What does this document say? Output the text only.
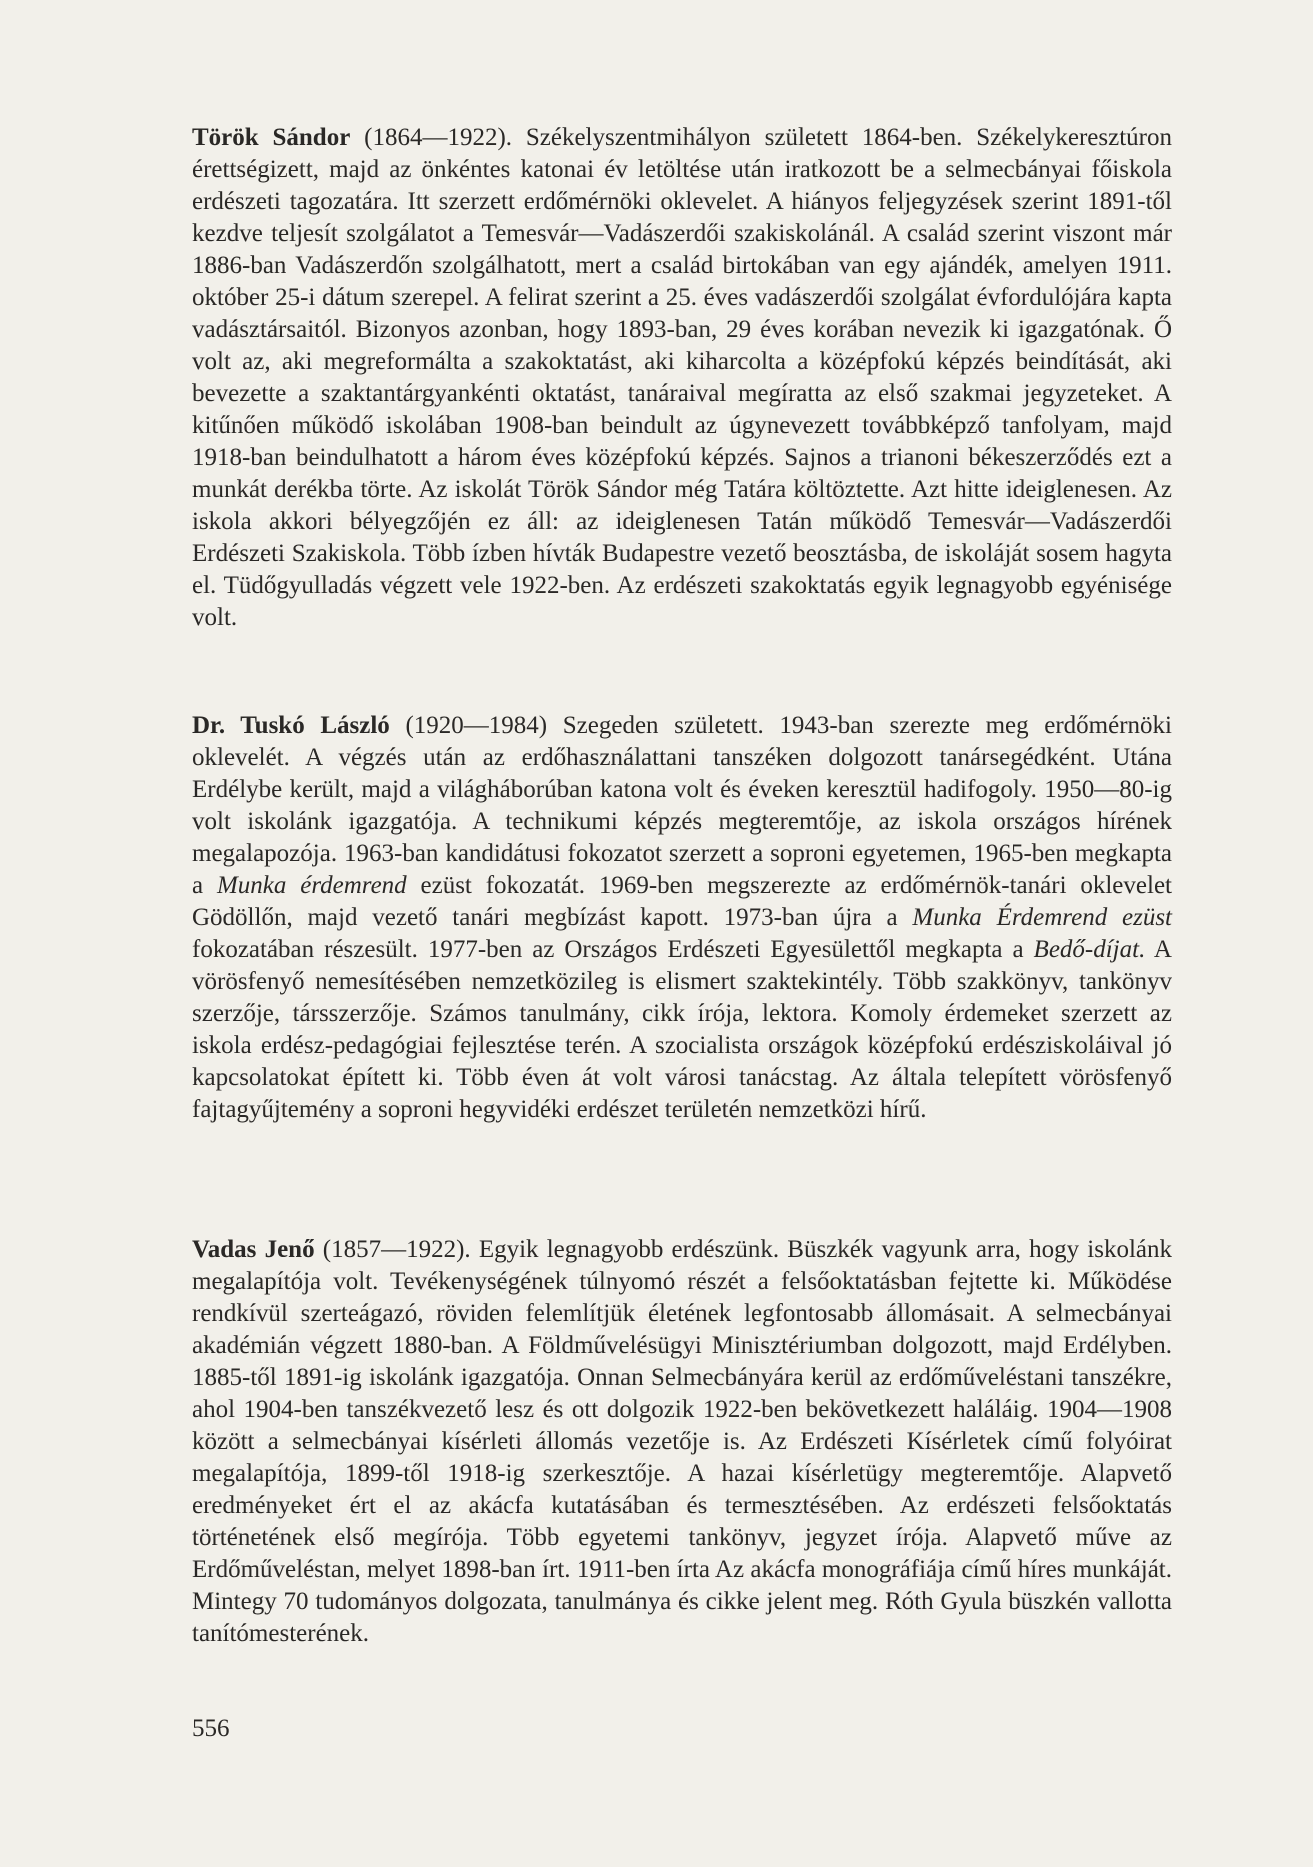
Török Sándor (1864—1922). Székelyszentmihályon született 1864-ben. Székelykeresztúron érettségizett, majd az önkéntes katonai év letöltése után iratkozott be a selmecbányai főiskola erdészeti tagozatára. Itt szerzett erdőmérnöki oklevelet. A hiányos feljegyzések szerint 1891-től kezdve teljesít szolgálatot a Temesvár—Vadászerdői szakiskolánál. A család szerint viszont már 1886-ban Vadászerdőn szolgálhatott, mert a család birtokában van egy ajándék, amelyen 1911. október 25-i dátum szerepel. A felirat szerint a 25. éves vadászerdői szolgálat évfordulójára kapta vadásztársaitól. Bizonyos azonban, hogy 1893-ban, 29 éves korában nevezik ki igazgatónak. Ő volt az, aki megreformálta a szakoktatást, aki kiharcolta a középfokú képzés beindítását, aki bevezette a szaktantárgyankénti oktatást, tanáraival megíratta az első szakmai jegyzeteket. A kitűnően működő iskolában 1908-ban beindult az úgynevezett továbbképző tanfolyam, majd 1918-ban beindulhatott a három éves középfokú képzés. Sajnos a trianoni békeszerződés ezt a munkát derékba törte. Az iskolát Török Sándor még Tatára költöztette. Azt hitte ideiglenesen. Az iskola akkori bélyegzőjén ez áll: az ideiglenesen Tatán működő Temesvár—Vadászerdői Erdészeti Szakiskola. Több ízben hívták Budapestre vezető beosztásba, de iskoláját sosem hagyta el. Tüdőgyulladás végzett vele 1922-ben. Az erdészeti szakoktatás egyik legnagyobb egyénisége volt.

Dr. Tuskó László (1920—1984) Szegeden született. 1943-ban szerezte meg erdőmérnöki oklevelét. A végzés után az erdőhasználattani tanszéken dolgozott tanársegédként. Utána Erdélybe került, majd a világháborúban katona volt és éveken keresztül hadifogoly. 1950—80-ig volt iskolánk igazgatója. A technikumi képzés megteremtője, az iskola országos hírének megalapozója. 1963-ban kandidátusi fokozatot szerzett a soproni egyetemen, 1965-ben megkapta a Munka érdemrend ezüst fokozatát. 1969-ben megszerezte az erdőmérnök-tanári oklevelet Gödöllőn, majd vezető tanári megbízást kapott. 1973-ban újra a Munka Érdemrend ezüst fokozatában részesült. 1977-ben az Országos Erdészeti Egyesülettől megkapta a Bedő-díjat. A vörösfenyő nemesítésében nemzetközileg is elismert szaktekintély. Több szakkönyv, tankönyv szerzője, társszerzője. Számos tanulmány, cikk írója, lektora. Komoly érdemeket szerzett az iskola erdész-pedagógiai fejlesztése terén. A szocialista országok középfokú erdésziskoláival jó kapcsolatokat épített ki. Több éven át volt városi tanácstag. Az általa telepített vörösfenyő fajtagyűjtemény a soproni hegyvidéki erdészet területén nemzetközi hírű.

Vadas Jenő (1857—1922). Egyik legnagyobb erdészünk. Büszkék vagyunk arra, hogy iskolánk megalapítója volt. Tevékenységének túlnyomó részét a felsőoktatásban fejtette ki. Működése rendkívül szerteágazó, röviden felemlítjük életének legfontosabb állomásait. A selmecbányai akadémián végzett 1880-ban. A Földművelésügyi Minisztériumban dolgozott, majd Erdélyben. 1885-től 1891-ig iskolánk igazgatója. Onnan Selmecbányára kerül az erdőműveléstani tanszékre, ahol 1904-ben tanszékvezető lesz és ott dolgozik 1922-ben bekövetkezett haláláig. 1904—1908 között a selmecbányai kísérleti állomás vezetője is. Az Erdészeti Kísérletek című folyóirat megalapítója, 1899-től 1918-ig szerkesztője. A hazai kísérletügy megteremtője. Alapvető eredményeket ért el az akácfa kutatásában és termesztésében. Az erdészeti felsőoktatás történetének első megírója. Több egyetemi tankönyv, jegyzet írója. Alapvető műve az Erdőműveléstan, melyet 1898-ban írt. 1911-ben írta Az akácfa monográfiája című híres munkáját. Mintegy 70 tudományos dolgozata, tanulmánya és cikke jelent meg. Róth Gyula büszkén vallotta tanítómesterének.

556
